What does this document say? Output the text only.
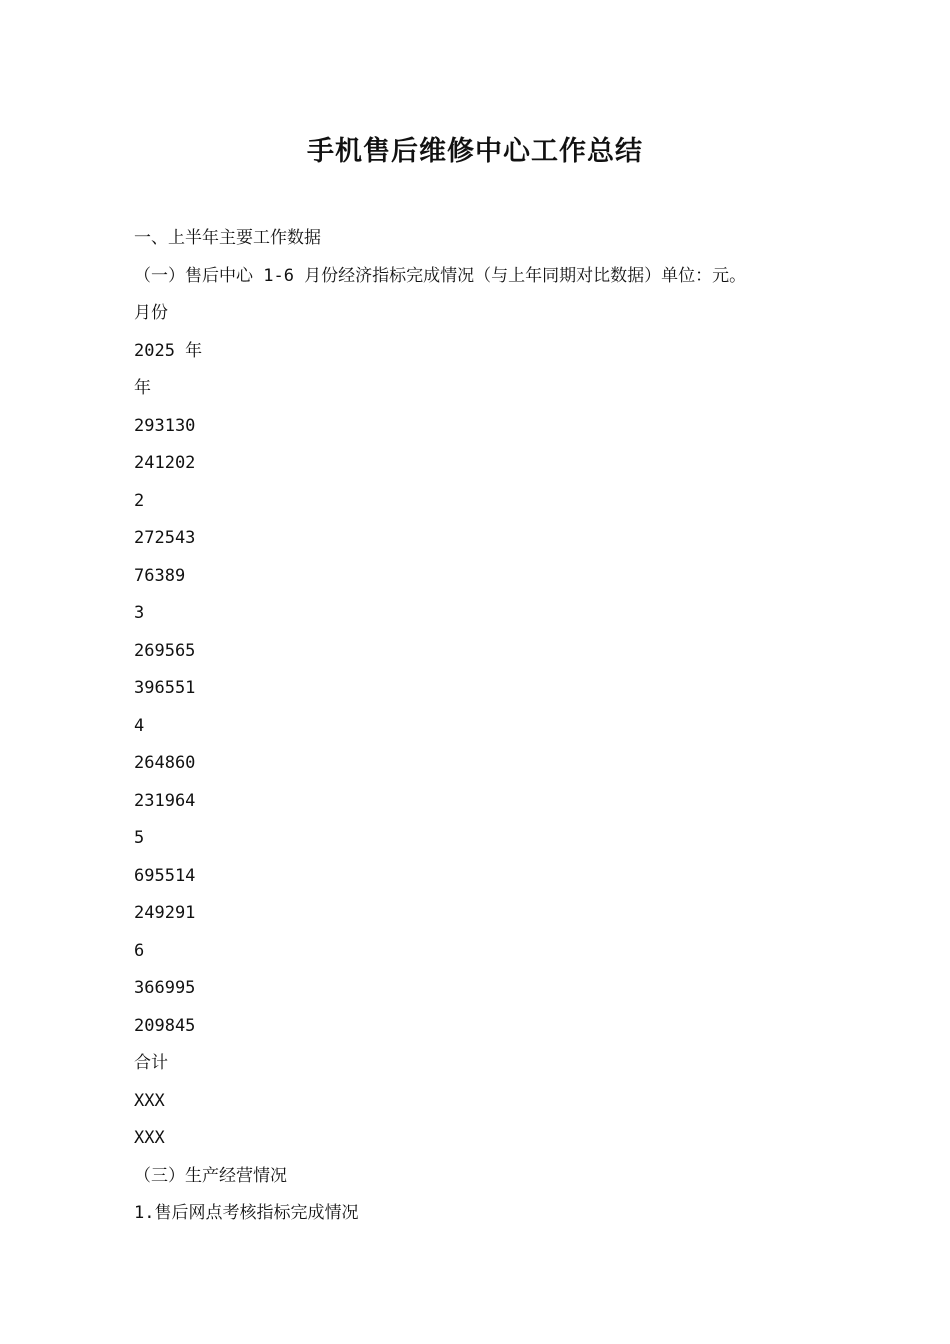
手机售后维修中心工作总结
一、上半年主要工作数据
（一）售后中心 1-6 月份经济指标完成情况（与上年同期对比数据）单位：元。
月份
2025 年
年
293130
241202
2
272543
76389
3
269565
396551
4
264860
231964
5
695514
249291
6
366995
209845
合计
XXX
XXX
（三）生产经营情况
1.售后网点考核指标完成情况
